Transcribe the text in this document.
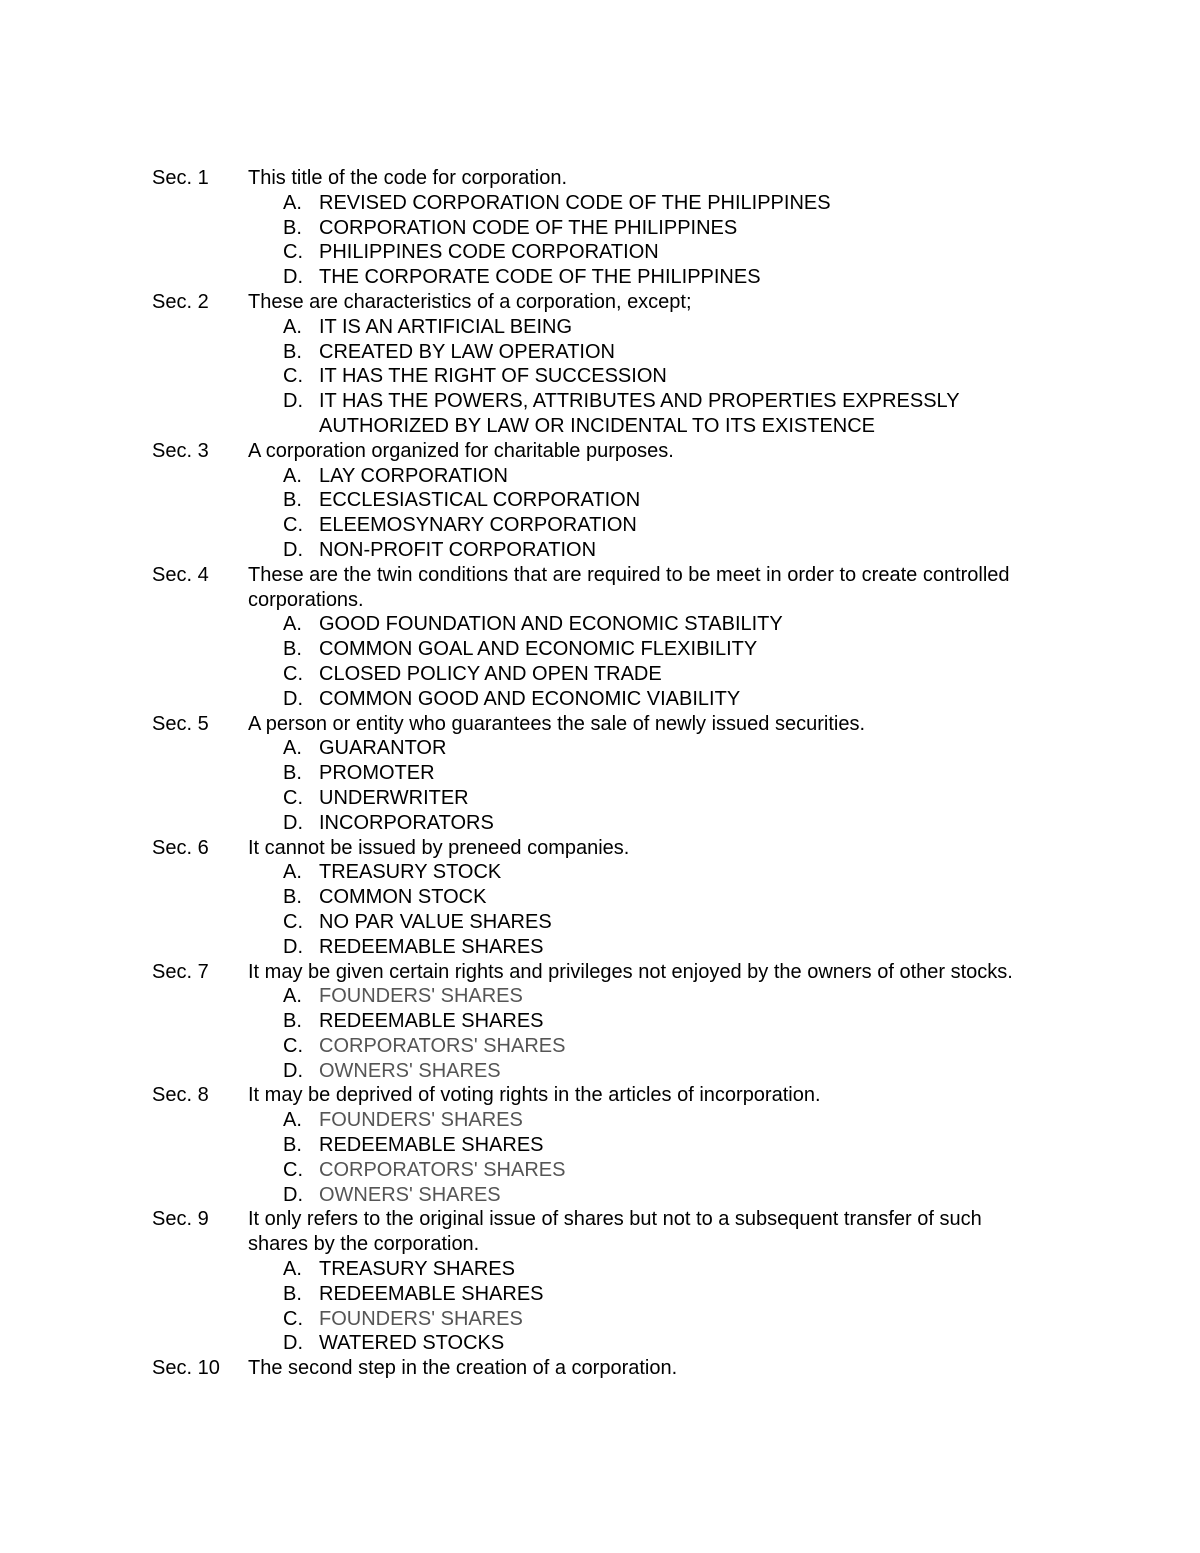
Sec. 1	This title of the code for corporation.
A. REVISED CORPORATION CODE OF THE PHILIPPINES
B. CORPORATION CODE OF THE PHILIPPINES
C. PHILIPPINES CODE CORPORATION
D. THE CORPORATE CODE OF THE PHILIPPINES
Sec. 2	These are characteristics of a corporation, except;
A. IT IS AN ARTIFICIAL BEING
B. CREATED BY LAW OPERATION
C. IT HAS THE RIGHT OF SUCCESSION
D. IT HAS THE POWERS, ATTRIBUTES AND PROPERTIES EXPRESSLY AUTHORIZED BY LAW OR INCIDENTAL TO ITS EXISTENCE
Sec. 3	A corporation organized for charitable purposes.
A. LAY CORPORATION
B. ECCLESIASTICAL CORPORATION
C. ELEEMOSYNARY CORPORATION
D. NON-PROFIT CORPORATION
Sec. 4	These are the twin conditions that are required to be meet in order to create controlled corporations.
A. GOOD FOUNDATION AND ECONOMIC STABILITY
B. COMMON GOAL AND ECONOMIC FLEXIBILITY
C. CLOSED POLICY AND OPEN TRADE
D. COMMON GOOD AND ECONOMIC VIABILITY
Sec. 5	A person or entity who guarantees the sale of newly issued securities.
A. GUARANTOR
B. PROMOTER
C. UNDERWRITER
D. INCORPORATORS
Sec. 6	It cannot be issued by preneed companies.
A. TREASURY STOCK
B. COMMON STOCK
C. NO PAR VALUE SHARES
D. REDEEMABLE SHARES
Sec. 7	It may be given certain rights and privileges not enjoyed by the owners of other stocks.
A. FOUNDERS' SHARES
B. REDEEMABLE SHARES
C. CORPORATORS' SHARES
D. OWNERS' SHARES
Sec. 8	It may be deprived of voting rights in the articles of incorporation.
A. FOUNDERS' SHARES
B. REDEEMABLE SHARES
C. CORPORATORS' SHARES
D. OWNERS' SHARES
Sec. 9	It only refers to the original issue of shares but not to a subsequent transfer of such shares by the corporation.
A. TREASURY SHARES
B. REDEEMABLE SHARES
C. FOUNDERS' SHARES
D. WATERED STOCKS
Sec. 10	The second step in the creation of a corporation.
